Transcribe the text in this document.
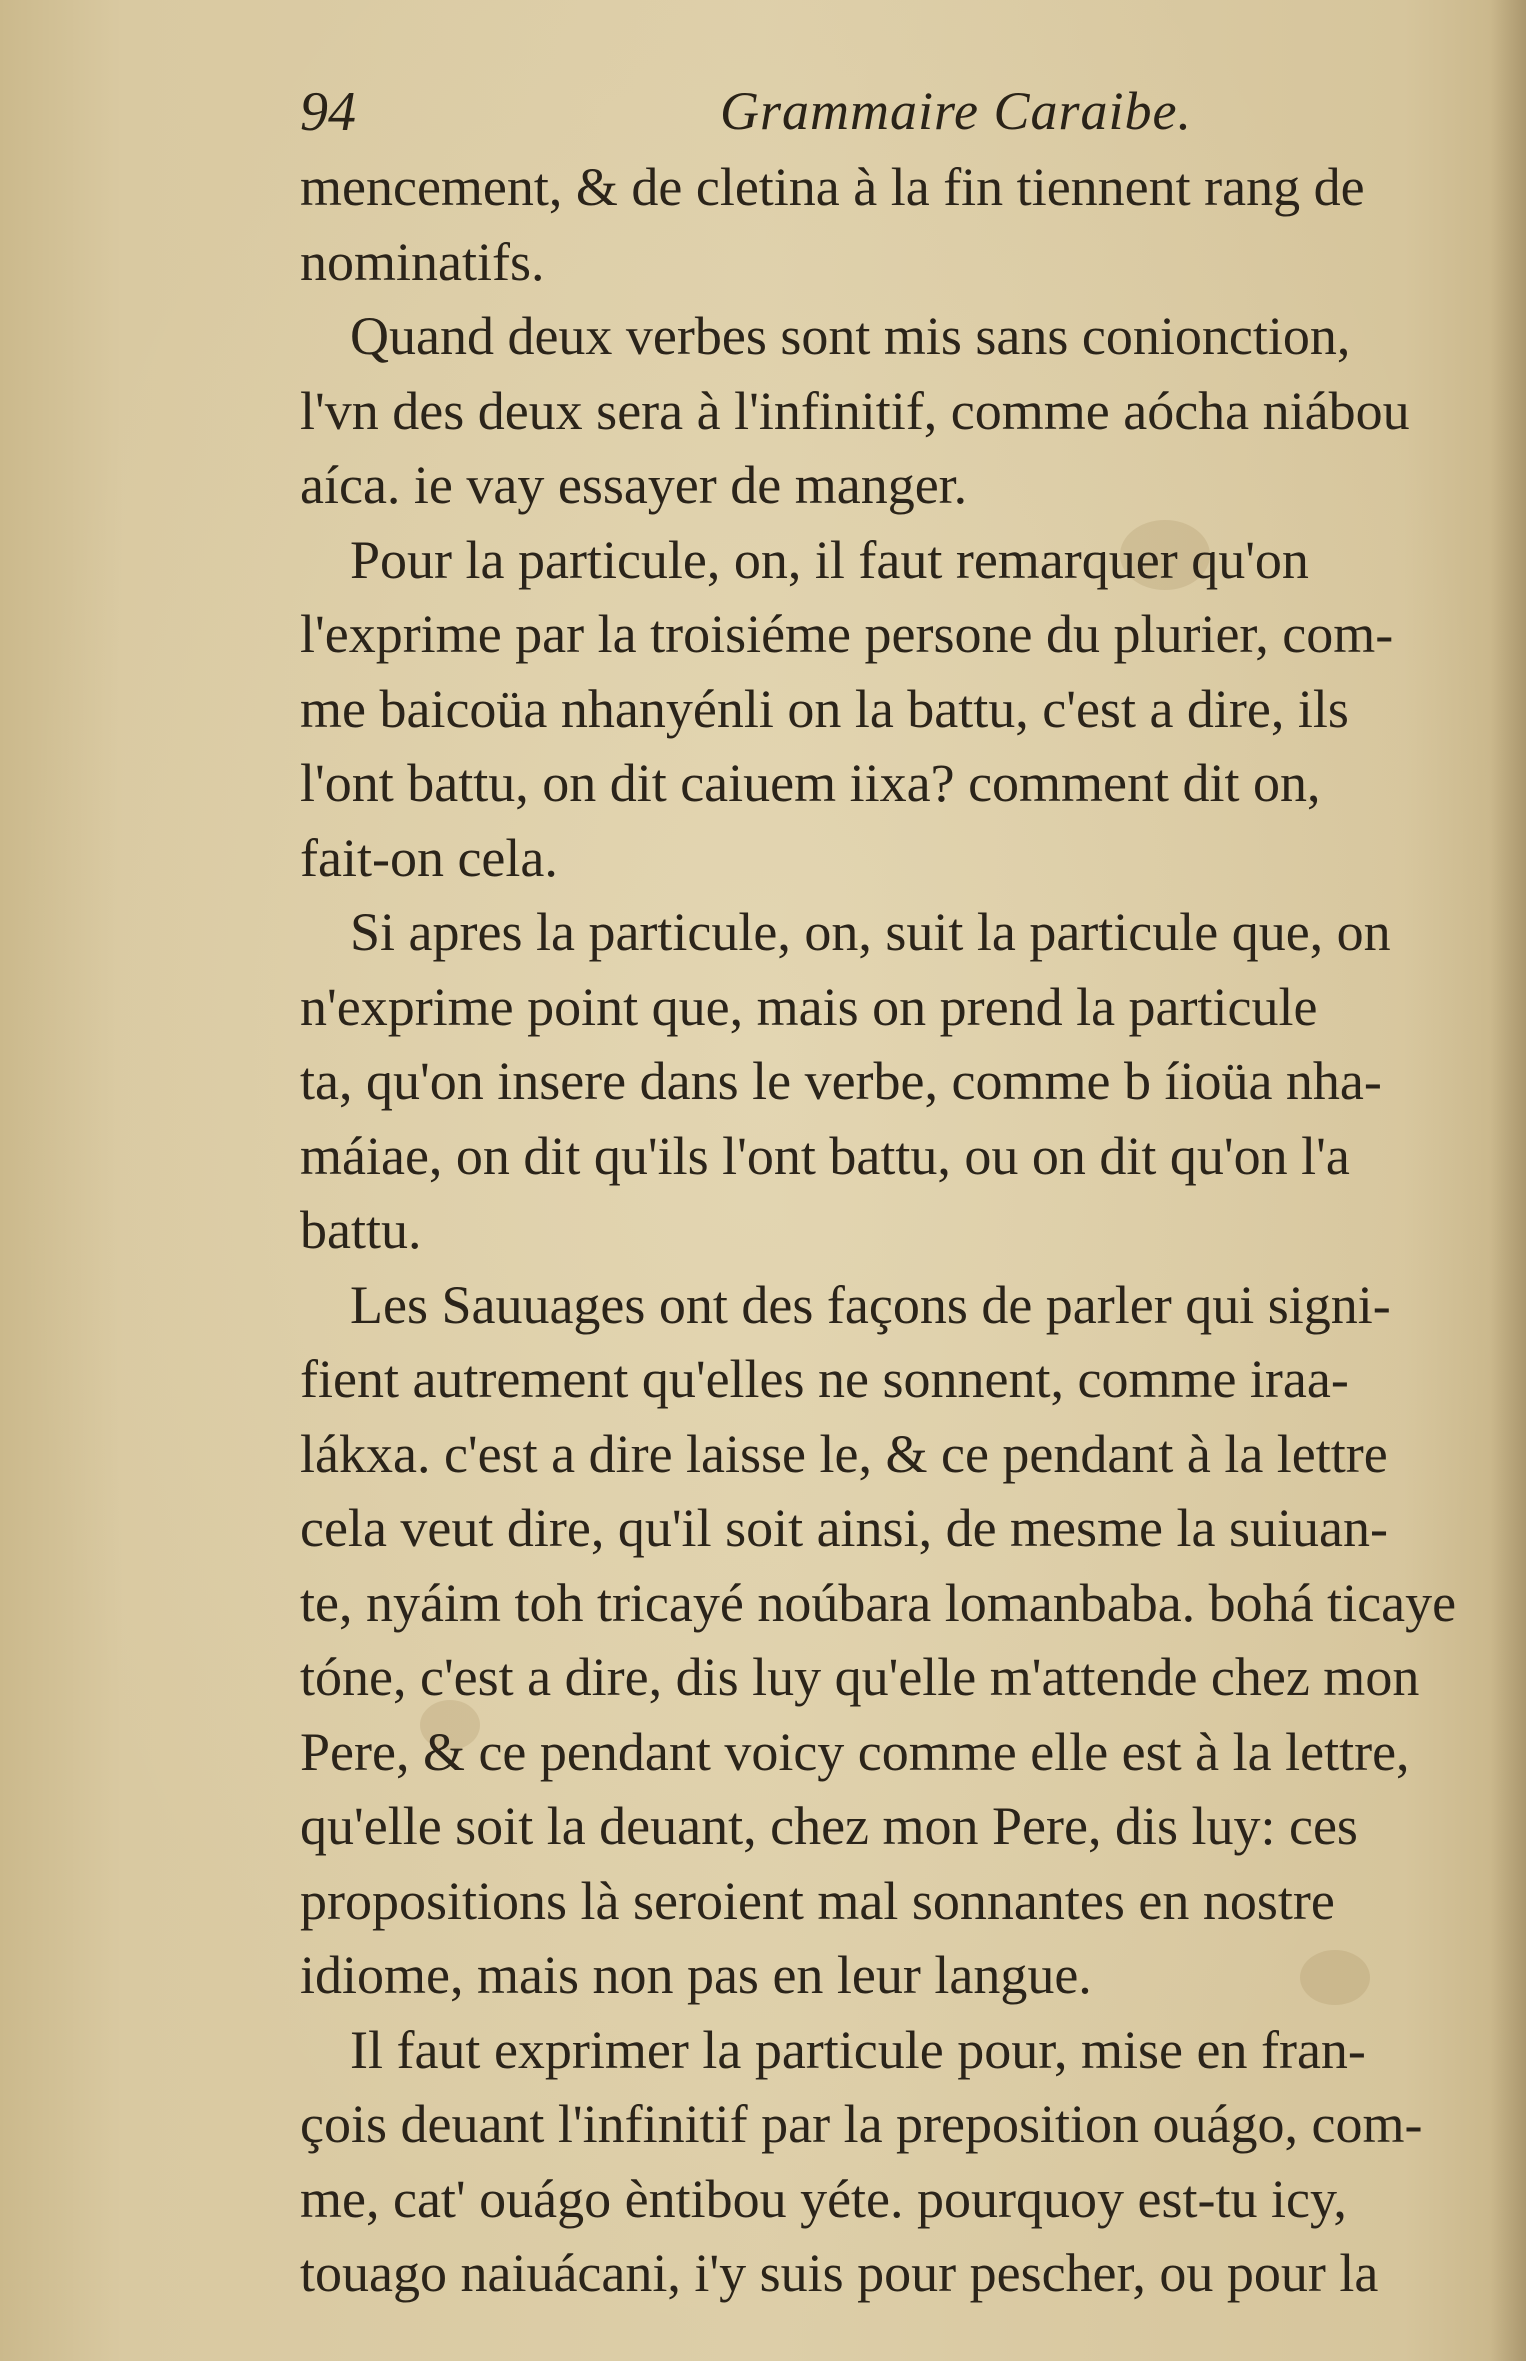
94	Grammaire Caraibe.
mencement, & de cletina à la fin tiennent rang de
nominatifs.
Quand deux verbes sont mis sans conionction,
l'vn des deux sera à l'infinitif, comme aócha niábou
aíca. ie vay essayer de manger.
Pour la particule, on, il faut remarquer qu'on
l'exprime par la troisiéme persone du plurier, com-
me baicoüa nhanyénli on la battu, c'est a dire, ils
l'ont battu, on dit caiuem iixa? comment dit on,
fait-on cela.
Si apres la particule, on, suit la particule que, on
n'exprime point que, mais on prend la particule
ta, qu'on insere dans le verbe, comme b íioüa nha-
máiae, on dit qu'ils l'ont battu, ou on dit qu'on l'a
battu.
Les Sauuages ont des façons de parler qui signi-
fient autrement qu'elles ne sonnent, comme iraa-
lákxa. c'est a dire laisse le, & ce pendant à la lettre
cela veut dire, qu'il soit ainsi, de mesme la suiuan-
te, nyáim toh tricayé noúbara lomanbaba. bohá ticaye
tóne, c'est a dire, dis luy qu'elle m'attende chez mon
Pere, & ce pendant voicy comme elle est à la lettre,
qu'elle soit la deuant, chez mon Pere, dis luy: ces
propositions là seroient mal sonnantes en nostre
idiome, mais non pas en leur langue.
Il faut exprimer la particule pour, mise en fran-
çois deuant l'infinitif par la preposition ouágo, com-
me, cat' ouágo èntibou yéte. pourquoy est-tu icy,
touago naiuácani, i'y suis pour pescher, ou pour la
